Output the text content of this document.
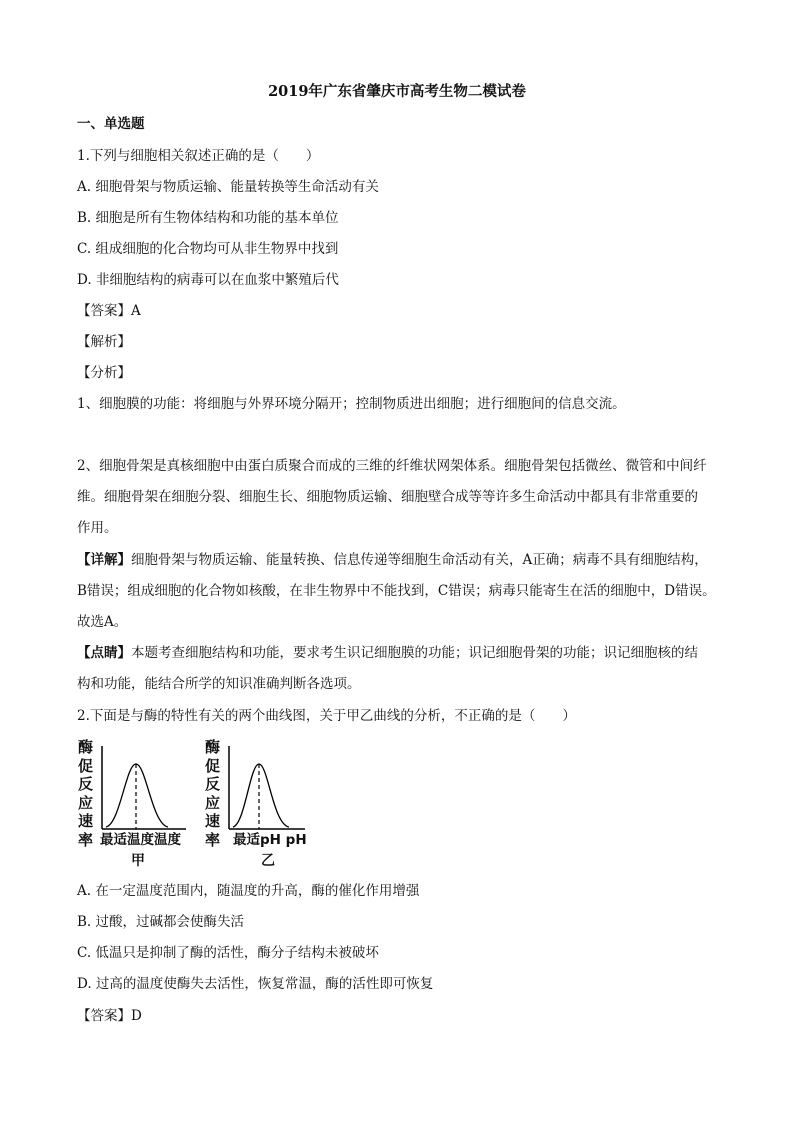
2019年广东省肇庆市高考生物二模试卷
一、单选题
1.下列与细胞相关叙述正确的是（　　）
A. 细胞骨架与物质运输、能量转换等生命活动有关
B. 细胞是所有生物体结构和功能的基本单位
C. 组成细胞的化合物均可从非生物界中找到
D. 非细胞结构的病毒可以在血浆中繁殖后代
【答案】A
【解析】
【分析】
1、细胞膜的功能：将细胞与外界环境分隔开；控制物质进出细胞；进行细胞间的信息交流。
2、细胞骨架是真核细胞中由蛋白质聚合而成的三维的纤维状网架体系。细胞骨架包括微丝、微管和中间纤
维。细胞骨架在细胞分裂、细胞生长、细胞物质运输、细胞壁合成等等许多生命活动中都具有非常重要的
作用。
【详解】细胞骨架与物质运输、能量转换、信息传递等细胞生命活动有关，A正确；病毒不具有细胞结构，
B错误；组成细胞的化合物如核酸，在非生物界中不能找到，C错误；病毒只能寄生在活的细胞中，D错误。
故选A。
【点睛】本题考查细胞结构和功能，要求考生识记细胞膜的功能；识记细胞骨架的功能；识记细胞核的结
构和功能，能结合所学的知识准确判断各选项。
2.下面是与酶的特性有关的两个曲线图，关于甲乙曲线的分析，不正确的是（　　）
酶
促
反
应
速
率 最适温度温度
甲
酶
促
反
应
速
率 最适pH pH
乙
A. 在一定温度范围内，随温度的升高，酶的催化作用增强
B. 过酸，过碱都会使酶失活
C. 低温只是抑制了酶的活性，酶分子结构未被破坏
D. 过高的温度使酶失去活性，恢复常温，酶的活性即可恢复
【答案】D
